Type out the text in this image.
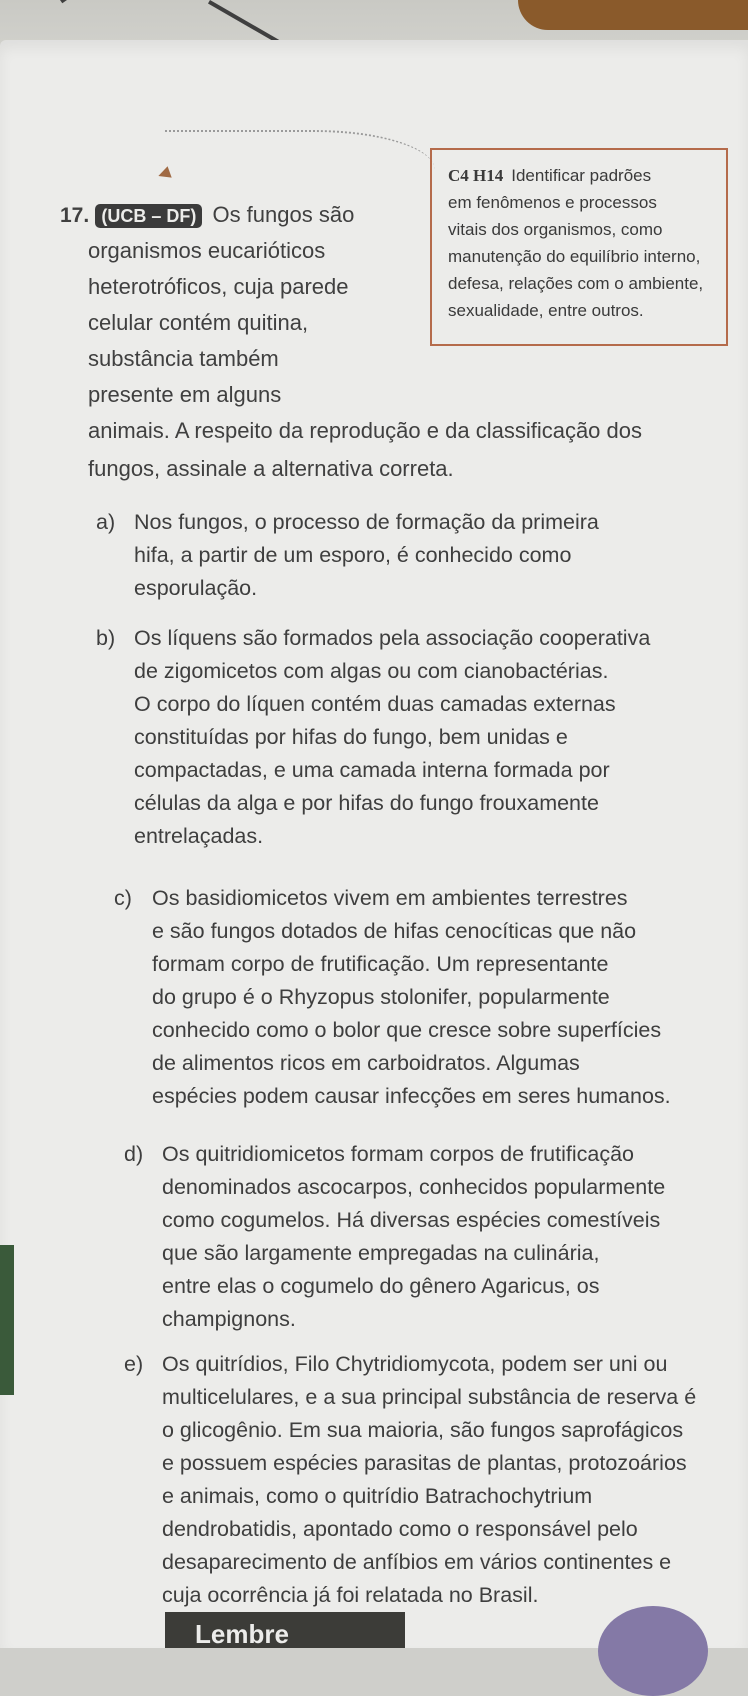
C4 H14 Identificar padrões
em fenômenos e processos
vitais dos organismos, como
manutenção do equilíbrio interno,
defesa, relações com o ambiente,
sexualidade, entre outros.
17. (UCB – DF) Os fungos são
organismos eucarióticos
heterotróficos, cuja parede
celular contém quitina,
substância também
presente em alguns
animais. A respeito da reprodução e da classificação dos
fungos, assinale a alternativa correta.
a) Nos fungos, o processo de formação da primeira
hifa, a partir de um esporo, é conhecido como
esporulação.
b) Os líquens são formados pela associação cooperativa
de zigomicetos com algas ou com cianobactérias.
O corpo do líquen contém duas camadas externas
constituídas por hifas do fungo, bem unidas e
compactadas, e uma camada interna formada por
células da alga e por hifas do fungo frouxamente
entrelaçadas.
c) Os basidiomicetos vivem em ambientes terrestres
e são fungos dotados de hifas cenocíticas que não
formam corpo de frutificação. Um representante
do grupo é o Rhyzopus stolonifer, popularmente
conhecido como o bolor que cresce sobre superfícies
de alimentos ricos em carboidratos. Algumas
espécies podem causar infecções em seres humanos.
d) Os quitridiomicetos formam corpos de frutificação
denominados ascocarpos, conhecidos popularmente
como cogumelos. Há diversas espécies comestíveis
que são largamente empregadas na culinária,
entre elas o cogumelo do gênero Agaricus, os
champignons.
e) Os quitrídios, Filo Chytridiomycota, podem ser uni ou
multicelulares, e a sua principal substância de reserva é
o glicogênio. Em sua maioria, são fungos saprofágicos
e possuem espécies parasitas de plantas, protozoários
e animais, como o quitrídio Batrachochytrium
dendrobatidis, apontado como o responsável pelo
desaparecimento de anfíbios em vários continentes e
cuja ocorrência já foi relatada no Brasil.
Lembre
